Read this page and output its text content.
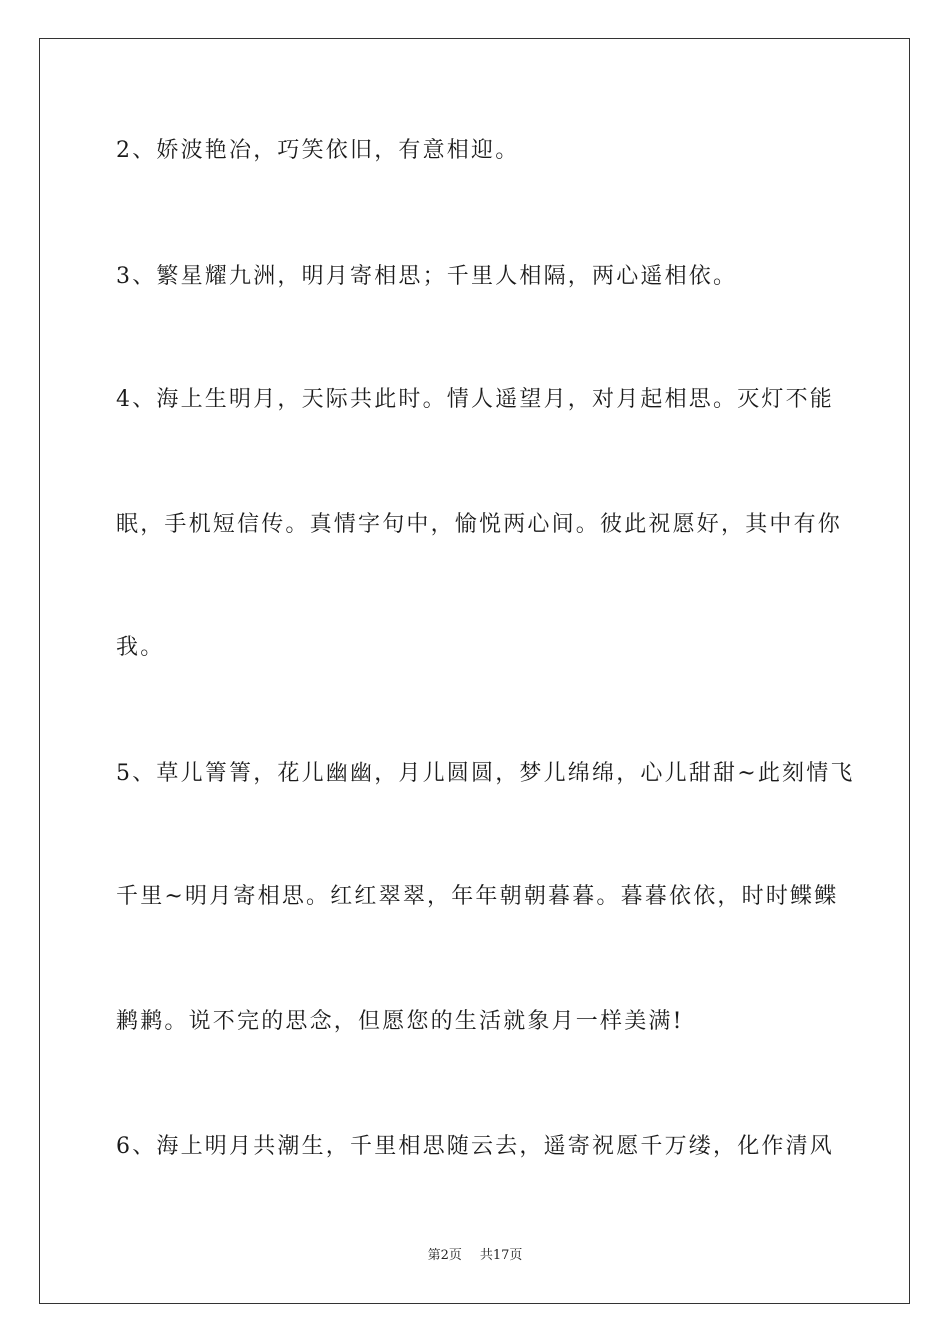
2、娇波艳冶，巧笑依旧，有意相迎。
3、繁星耀九洲，明月寄相思；千里人相隔，两心遥相依。
4、海上生明月，天际共此时。情人遥望月，对月起相思。灭灯不能
眠，手机短信传。真情字句中，愉悦两心间。彼此祝愿好，其中有你
我。
5、草儿箐箐，花儿幽幽，月儿圆圆，梦儿绵绵，心儿甜甜~此刻情飞
千里~明月寄相思。红红翠翠，年年朝朝暮暮。暮暮依依，时时鲽鲽
鹣鹣。说不完的思念，但愿您的生活就象月一样美满!
6、海上明月共潮生，千里相思随云去，遥寄祝愿千万缕，化作清风
第2页 共17页
